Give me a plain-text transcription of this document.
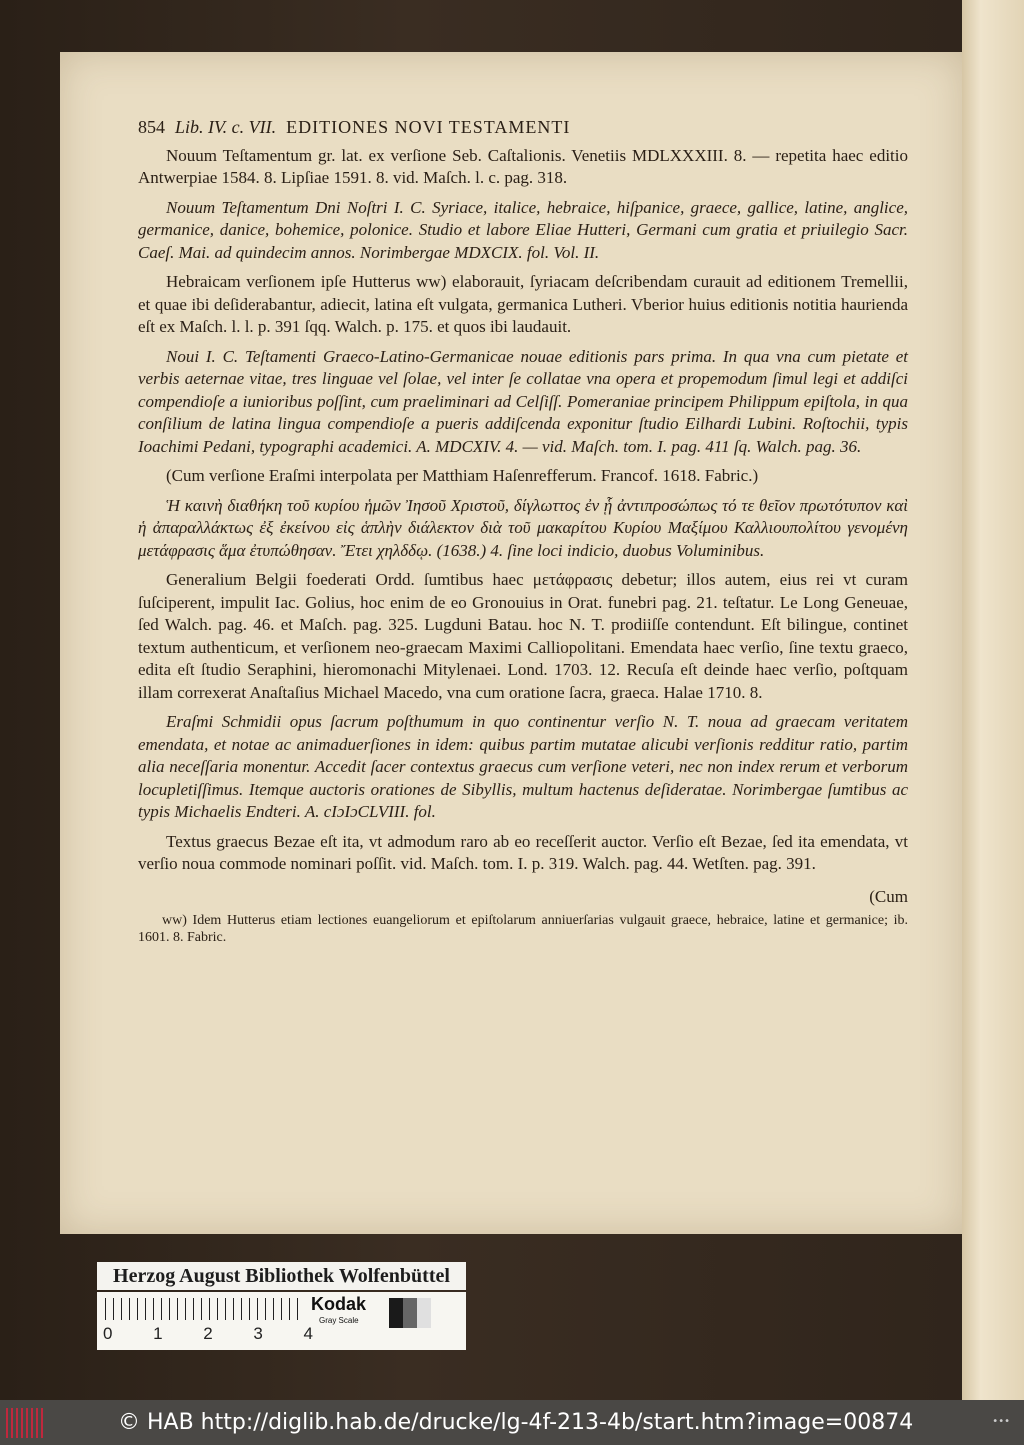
854 Lib. IV. c. VII. EDITIONES NOVI TESTAMENTI

Nouum Teſtamentum gr. lat. ex verſione Seb. Caſtalionis. Venetiis MDLXXXIII. 8. — repetita haec editio Antwerpiae 1584. 8. Lipſiae 1591. 8. vid. Maſch. l. c. pag. 318.

Nouum Teſtamentum Dni Noſtri I. C. Syriace, italice, hebraice, hiſpanice, graece, gallice, latine, anglice, germanice, danice, bohemice, polonice. Studio et labore Eliae Hutteri, Germani cum gratia et priuilegio Sacr. Caeſ. Mai. ad quindecim annos. Norimbergae MDXCIX. fol. Vol. II.

Hebraicam verſionem ipſe Hutterus ww) elaborauit, ſyriacam deſcribendam curauit ad editionem Tremellii, et quae ibi deſiderabantur, adiecit, latina eſt vulgata, germanica Lutheri. Vberior huius editionis notitia haurienda eſt ex Maſch. l. l. p. 391 ſqq. Walch. p. 175. et quos ibi laudauit.

Noui I. C. Teſtamenti Graeco-Latino-Germanicae nouae editionis pars prima. In qua vna cum pietate et verbis aeternae vitae, tres linguae vel ſolae, vel inter ſe collatae vna opera et propemodum ſimul legi et addiſci compendioſe a iunioribus poſſint, cum praeliminari ad Celſiſſ. Pomeraniae principem Philippum epiſtola, in qua conſilium de latina lingua compendioſe a pueris addiſcenda exponitur ſtudio Eilhardi Lubini. Roſtochii, typis Ioachimi Pedani, typographi academici. A. MDCXIV. 4. — vid. Maſch. tom. I. pag. 411 ſq. Walch. pag. 36.

(Cum verſione Eraſmi interpolata per Matthiam Haſenrefferum. Francof. 1618. Fabric.)

Ἡ καινὴ διαθήκη τοῦ κυρίου ἡμῶν Ἰησοῦ Χριστοῦ, δίγλωττος ἐν ᾗ ἀντιπροσώπως τό τε θεῖον πρωτότυπον καὶ ἡ ἀπαραλλάκτως ἐξ ἐκείνου εἰς ἁπλὴν διάλεκτον διὰ τοῦ μακαρίτου Κυρίου Μαξίμου Καλλιουπολίτου γενομένη μετάφρασις ἅμα ἐτυπώθησαν. Ἔτει χηλδδῳ. (1638.) 4. ſine loci indicio, duobus Voluminibus.

Generalium Belgii foederati Ordd. ſumtibus haec μετάφρασις debetur; illos autem, eius rei vt curam ſuſciperent, impulit Iac. Golius, hoc enim de eo Gronouius in Orat. funebri pag. 21. teſtatur. Le Long Geneuae, ſed Walch. pag. 46. et Maſch. pag. 325. Lugduni Batau. hoc N. T. prodiiſſe contendunt. Eſt bilingue, continet textum authenticum, et verſionem neo-graecam Maximi Calliopolitani. Emendata haec verſio, ſine textu graeco, edita eſt ſtudio Seraphini, hieromonachi Mitylenaei. Lond. 1703. 12. Recuſa eſt deinde haec verſio, poſtquam illam correxerat Anaſtaſius Michael Macedo, vna cum oratione ſacra, graeca. Halae 1710. 8.

Eraſmi Schmidii opus ſacrum poſthumum in quo continentur verſio N. T. noua ad graecam veritatem emendata, et notae ac animaduerſiones in idem: quibus partim mutatae alicubi verſionis redditur ratio, partim alia neceſſaria monentur. Accedit ſacer contextus graecus cum verſione veteri, nec non index rerum et verborum locupletiſſimus. Itemque auctoris orationes de Sibyllis, multum hactenus deſideratae. Norimbergae ſumtibus ac typis Michaelis Endteri. A. cIɔIɔCLVIII. fol.

Textus graecus Bezae eſt ita, vt admodum raro ab eo receſſerit auctor. Verſio eſt Bezae, ſed ita emendata, vt verſio noua commode nominari poſſit. vid. Maſch. tom. I. p. 319. Walch. pag. 44. Wetſten. pag. 391.

(Cum

ww) Idem Hutterus etiam lectiones euangeliorum et epiſtolarum anniuerſarias vulgauit graece, hebraice, latine et germanice; ib. 1601. 8. Fabric.

Herzog August Bibliothek Wolfenbüttel
0 1 2 3 4
Kodak
Gray Scale
© HAB http://diglib.hab.de/drucke/lg-4f-213-4b/start.htm?image=00874	•••
